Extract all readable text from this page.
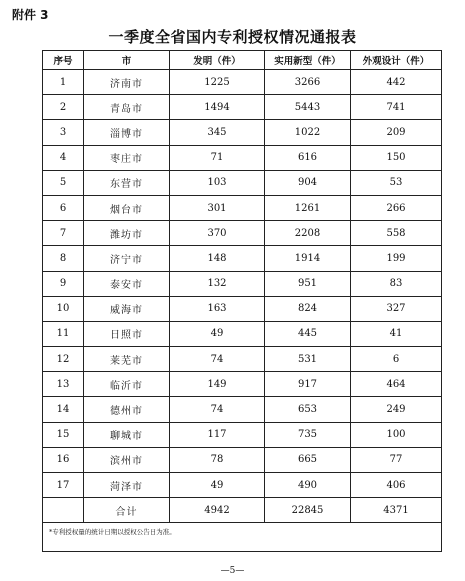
附件 3
一季度全省国内专利授权情况通报表
序号	市	发明（件）	实用新型（件）	外观设计（件）
1	济南市	1225	3266	442
2	青岛市	1494	5443	741
3	淄博市	345	1022	209
4	枣庄市	71	616	150
5	东营市	103	904	53
6	烟台市	301	1261	266
7	潍坊市	370	2208	558
8	济宁市	148	1914	199
9	泰安市	132	951	83
10	威海市	163	824	327
11	日照市	49	445	41
12	莱芜市	74	531	6
13	临沂市	149	917	464
14	德州市	74	653	249
15	聊城市	117	735	100
16	滨州市	78	665	77
17	菏泽市	49	490	406
	合计	4942	22845	4371
*专利授权量的统计日期以授权公告日为准。				
—5—
